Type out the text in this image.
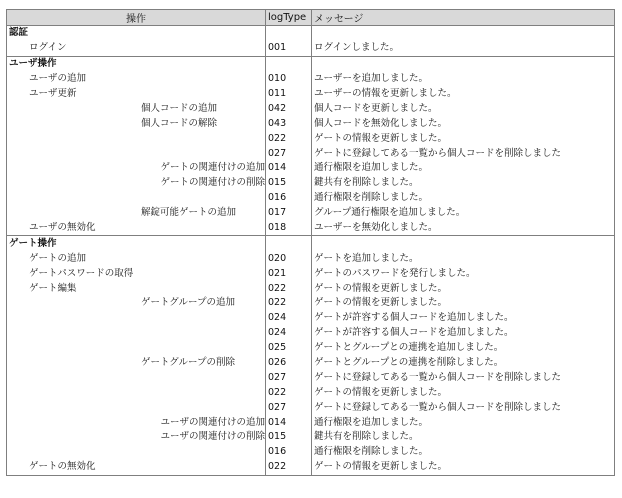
操作	logType	メッセージ
認証		
ログイン	001	ログインしました。
ユーザ操作		
ユーザの追加	010	ユーザーを追加しました。
ユーザ更新	011	ユーザーの情報を更新しました。
個人コードの追加	042	個人コードを更新しました。
個人コードの解除	043	個人コードを無効化しました。
	022	ゲートの情報を更新しました。
	027	ゲートに登録してある一覧から個人コードを削除しました
ゲートの関連付けの追加	014	通行権限を追加しました。
ゲートの関連付けの削除	015	鍵共有を削除しました。
	016	通行権限を削除しました。
解錠可能ゲートの追加	017	グループ通行権限を追加しました。
ユーザの無効化	018	ユーザーを無効化しました。
ゲート操作		
ゲートの追加	020	ゲートを追加しました。
ゲートパスワードの取得	021	ゲートのパスワードを発行しました。
ゲート編集	022	ゲートの情報を更新しました。
ゲートグループの追加	022	ゲートの情報を更新しました。
	024	ゲートが許容する個人コードを追加しました。
	024	ゲートが許容する個人コードを追加しました。
	025	ゲートとグループとの連携を追加しました。
ゲートグループの削除	026	ゲートとグループとの連携を削除しました。
	027	ゲートに登録してある一覧から個人コードを削除しました
	022	ゲートの情報を更新しました。
	027	ゲートに登録してある一覧から個人コードを削除しました
ユーザの関連付けの追加	014	通行権限を追加しました。
ユーザの関連付けの削除	015	鍵共有を削除しました。
	016	通行権限を削除しました。
ゲートの無効化	022	ゲートの情報を更新しました。
